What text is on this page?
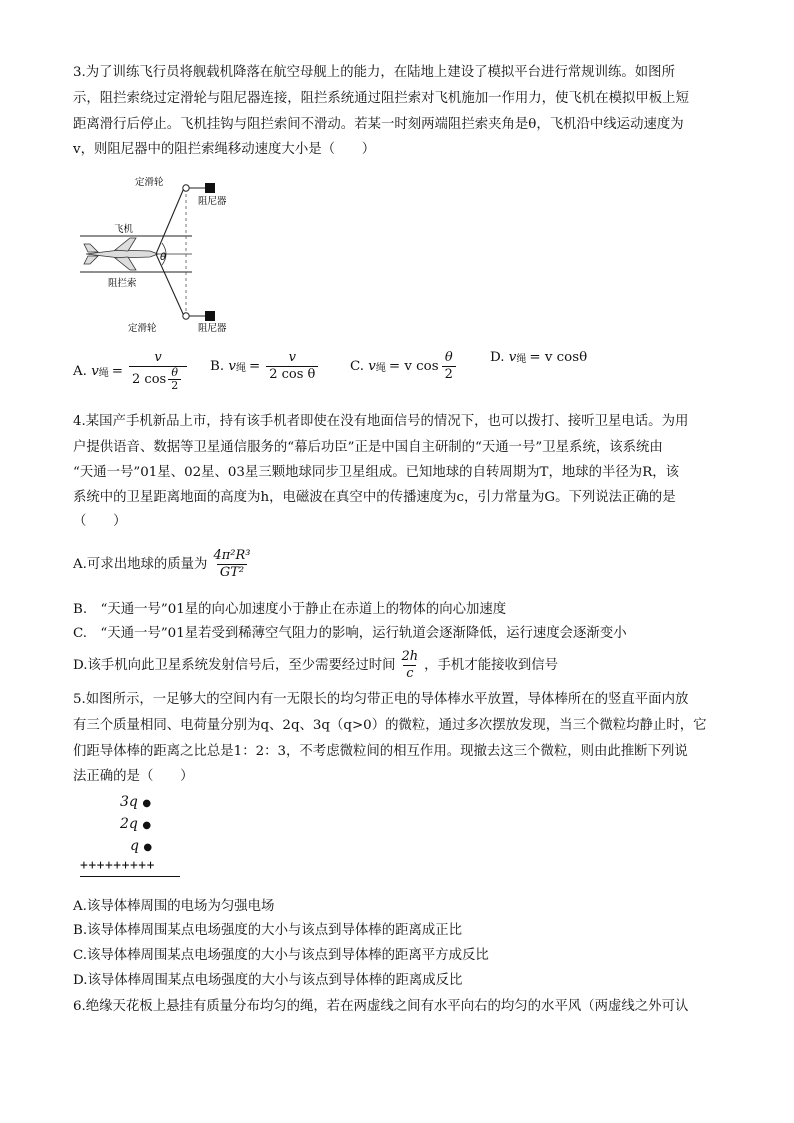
3.为了训练飞行员将舰载机降落在航空母舰上的能力，在陆地上建设了模拟平台进行常规训练。如图所
示，阻拦索绕过定滑轮与阻尼器连接，阻拦系统通过阻拦索对飞机施加一作用力，使飞机在模拟甲板上短
距离滑行后停止。飞机挂钩与阻拦索间不滑动。若某一时刻两端阻拦索夹角是θ，飞机沿中线运动速度为
v，则阻尼器中的阻拦索绳移动速度大小是（　　）
定滑轮
阻尼器
飞机
θ
阻拦索
定滑轮	阻尼器
A.
v 绳 = $\frac{v}{2 \cos \frac{\theta}{2}} B$.
v 绳 = $\frac{v}{\text{2 cos θ}} C$.
v 绳 = v $\cos \frac{\theta}{2}$	D.
v 绳 = v cosθ
4.某国产手机新品上市，持有该手机者即使在没有地面信号的情况下，也可以拨打、接听卫星电话。为用
户提供语音、数据等卫星通信服务的“幕后功臣”正是中国自主研制的“天通一号”卫星系统，该系统由
“天通一号”01星、02星、03星三颗地球同步卫星组成。已知地球的自转周期为T，地球的半径为R，该
系统中的卫星距离地面的高度为h，电磁波在真空中的传播速度为c，引力常量为G。下列说法正确的是
（　　）
A.可求出地球的质量为 $\frac{\text{4π²R³}}{\text{GT²}}$
B.　“天通一号”01星的向心加速度小于静止在赤道上的物体的向心加速度
C.　“天通一号”01星若受到稀薄空气阻力的影响，运行轨道会逐渐降低，运行速度会逐渐变小
D.该手机向此卫星系统发射信号后，至少需要经过时间 $\frac{2h}{c}$ ，手机才能接收到信号
5.如图所示，一足够大的空间内有一无限长的均匀带正电的导体棒水平放置，导体棒所在的竖直平面内放
有三个质量相同、电荷量分别为q、2q、3q（q>0）的微粒，通过多次摆放发现，当三个微粒均静止时，它
们距导体棒的距离之比总是1：2：3，不考虑微粒间的相互作用。现撤去这三个微粒，则由此推断下列说
法正确的是（　　）
3q ●
2q ●
q ●
+++++++++
A.该导体棒周围的电场为匀强电场
B.该导体棒周围某点电场强度的大小与该点到导体棒的距离成正比
C.该导体棒周围某点电场强度的大小与该点到导体棒的距离平方成反比
D.该导体棒周围某点电场强度的大小与该点到导体棒的距离成反比
6.绝缘天花板上悬挂有质量分布均匀的绳，若在两虚线之间有水平向右的均匀的水平风（两虚线之外可认
